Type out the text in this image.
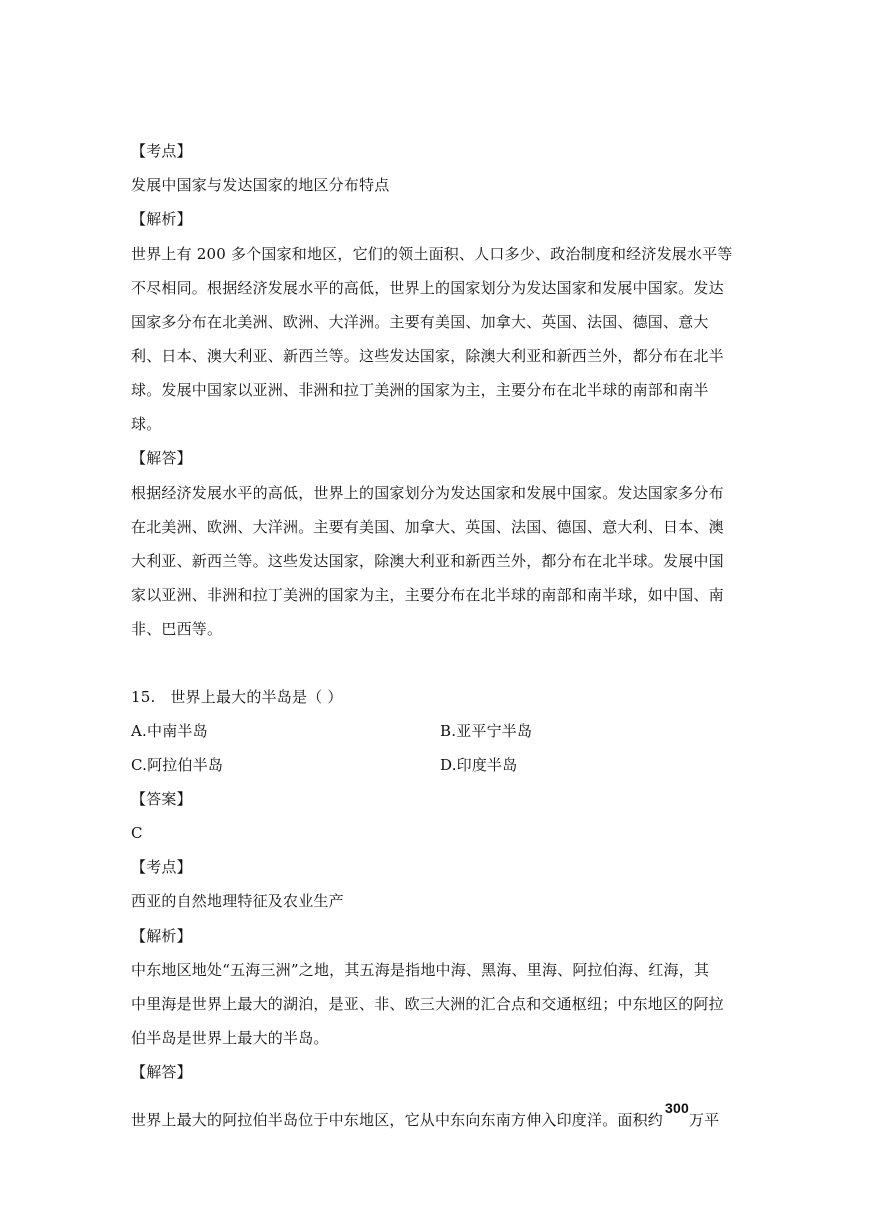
【考点】
发展中国家与发达国家的地区分布特点
【解析】
世界上有 200 多个国家和地区，它们的领土面积、人口多少、政治制度和经济发展水平等
不尽相同。根据经济发展水平的高低，世界上的国家划分为发达国家和发展中国家。发达
国家多分布在北美洲、欧洲、大洋洲。主要有美国、加拿大、英国、法国、德国、意大
利、日本、澳大利亚、新西兰等。这些发达国家，除澳大利亚和新西兰外，都分布在北半
球。发展中国家以亚洲、非洲和拉丁美洲的国家为主，主要分布在北半球的南部和南半
球。
【解答】
根据经济发展水平的高低，世界上的国家划分为发达国家和发展中国家。发达国家多分布
在北美洲、欧洲、大洋洲。主要有美国、加拿大、英国、法国、德国、意大利、日本、澳
大利亚、新西兰等。这些发达国家，除澳大利亚和新西兰外，都分布在北半球。发展中国
家以亚洲、非洲和拉丁美洲的国家为主，主要分布在北半球的南部和南半球，如中国、南
非、巴西等。
15.   世界上最大的半岛是（ ）
A.中南半岛	B.亚平宁半岛
C.阿拉伯半岛	D.印度半岛
【答案】
C
【考点】
西亚的自然地理特征及农业生产
【解析】
中东地区地处“五海三洲”之地，其五海是指地中海、黑海、里海、阿拉伯海、红海，其
中里海是世界上最大的湖泊，是亚、非、欧三大洲的汇合点和交通枢纽；中东地区的阿拉
伯半岛是世界上最大的半岛。
【解答】
世界上最大的阿拉伯半岛位于中东地区，它从中东向东南方伸入印度洋。面积约300万平
